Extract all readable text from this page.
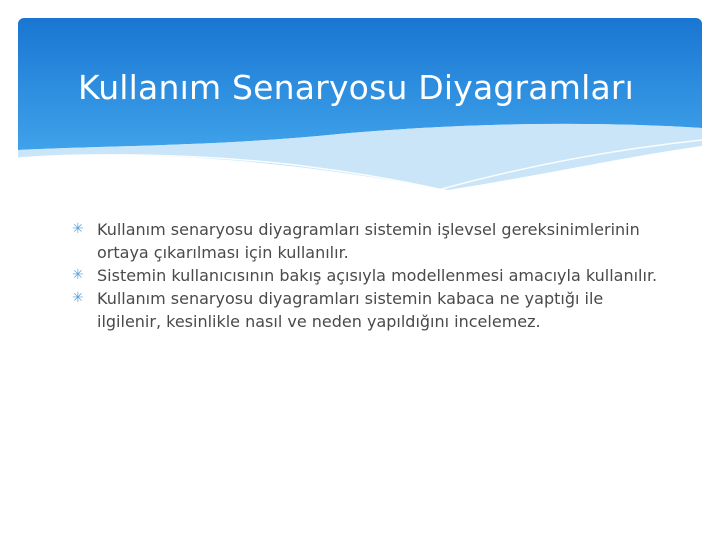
Kullanım Senaryosu Diyagramları
✳ Kullanım senaryosu diyagramları sistemin işlevsel gereksinimlerinin ortaya çıkarılması için kullanılır.
✳ Sistemin kullanıcısının bakış açısıyla modellenmesi amacıyla kullanılır.
✳ Kullanım senaryosu diyagramları sistemin kabaca ne yaptığı ile ilgilenir, kesinlikle nasıl ve neden yapıldığını incelemez.
